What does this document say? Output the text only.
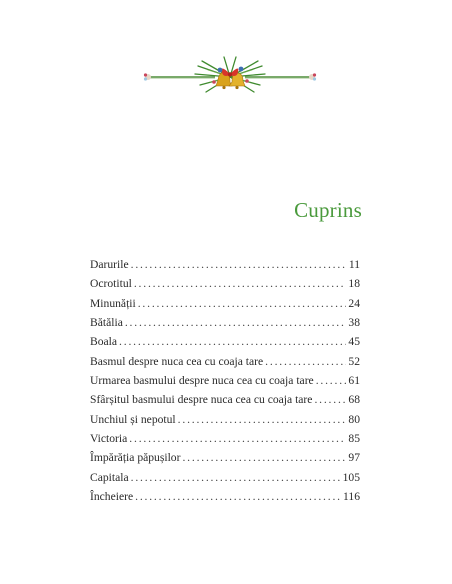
Cuprins
Darurile .....	11
Ocrotitul .....	18
Minunății .....	24
Bătălia .....	38
Boala .....	45
Basmul despre nuca cea cu coaja tare .....	52
Urmarea basmului despre nuca cea cu coaja tare .....	61
Sfârșitul basmului despre nuca cea cu coaja tare .....	68
Unchiul și nepotul .....	80
Victoria .....	85
Împărăția păpușilor .....	97
Capitala .....	105
Încheiere .....	116
